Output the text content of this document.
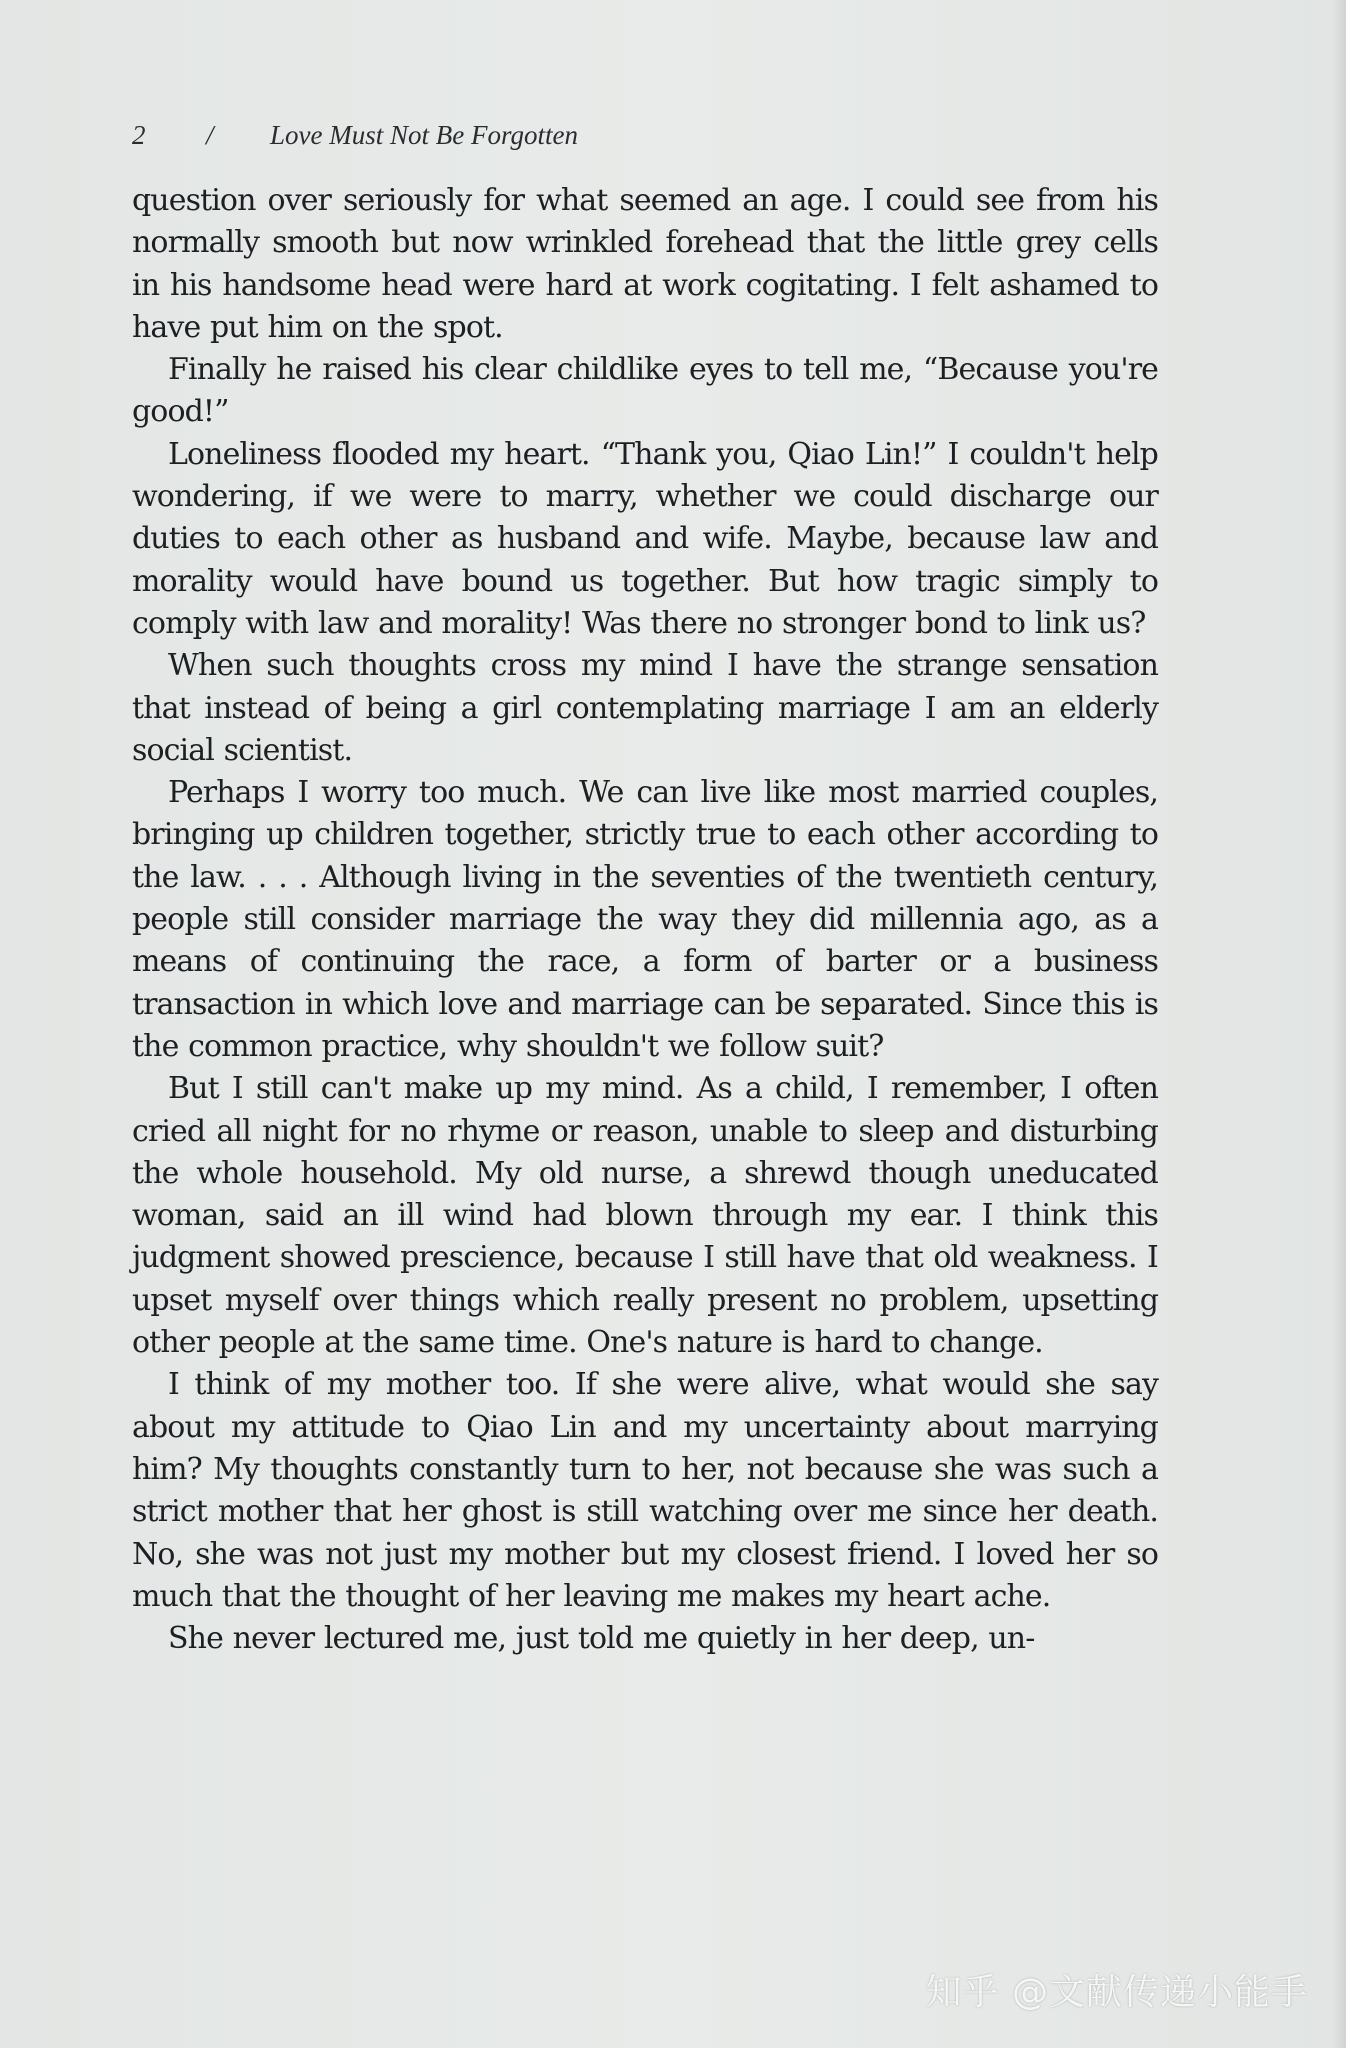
2 / Love Must Not Be Forgotten

question over seriously for what seemed an age. I could see from his normally smooth but now wrinkled forehead that the little grey cells in his handsome head were hard at work cogitating. I felt ashamed to have put him on the spot.

Finally he raised his clear childlike eyes to tell me, “Because you're good!”

Loneliness flooded my heart. “Thank you, Qiao Lin!” I couldn't help wondering, if we were to marry, whether we could discharge our duties to each other as husband and wife. Maybe, because law and morality would have bound us together. But how tragic simply to comply with law and morality! Was there no stronger bond to link us?

When such thoughts cross my mind I have the strange sensation that instead of being a girl contemplating marriage I am an elderly social scientist.

Perhaps I worry too much. We can live like most married couples, bringing up children together, strictly true to each other according to the law. . . . Although living in the seventies of the twentieth century, people still consider marriage the way they did millennia ago, as a means of continuing the race, a form of barter or a business transaction in which love and marriage can be separated. Since this is the common practice, why shouldn't we follow suit?

But I still can't make up my mind. As a child, I remember, I often cried all night for no rhyme or reason, unable to sleep and disturbing the whole household. My old nurse, a shrewd though uneducated woman, said an ill wind had blown through my ear. I think this judgment showed prescience, because I still have that old weakness. I upset myself over things which really present no problem, upsetting other people at the same time. One's nature is hard to change.

I think of my mother too. If she were alive, what would she say about my attitude to Qiao Lin and my uncertainty about marrying him? My thoughts constantly turn to her, not because she was such a strict mother that her ghost is still watching over me since her death. No, she was not just my mother but my closest friend. I loved her so much that the thought of her leaving me makes my heart ache.

She never lectured me, just told me quietly in her deep, un-

知乎 @文献传递小能手
